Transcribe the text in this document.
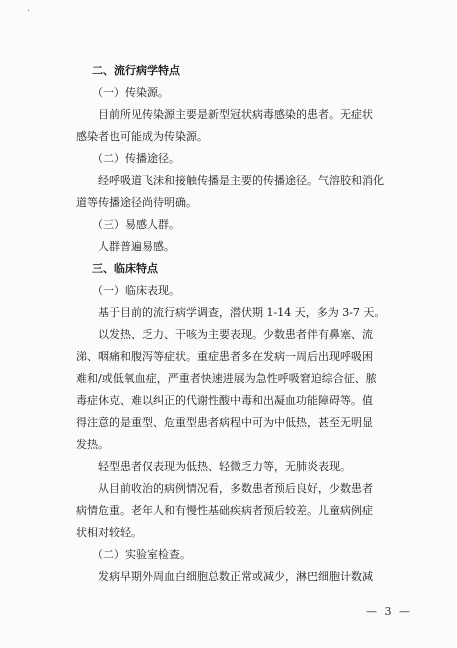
·
二、流行病学特点
（一）传染源。
目前所见传染源主要是新型冠状病毒感染的患者。无症状
感染者也可能成为传染源。
（二）传播途径。
经呼吸道飞沫和接触传播是主要的传播途径。气溶胶和消化
道等传播途径尚待明确。
（三）易感人群。
人群普遍易感。
三、临床特点
（一）临床表现。
基于目前的流行病学调查，潜伏期 1-14 天，多为 3-7 天。
以发热、乏力、干咳为主要表现。少数患者伴有鼻塞、流
涕、咽痛和腹泻等症状。重症患者多在发病一周后出现呼吸困
难和/或低氧血症，严重者快速进展为急性呼吸窘迫综合征、脓
毒症休克、难以纠正的代谢性酸中毒和出凝血功能障碍等。值
得注意的是重型、危重型患者病程中可为中低热，甚至无明显
发热。
轻型患者仅表现为低热、轻微乏力等，无肺炎表现。
从目前收治的病例情况看，多数患者预后良好，少数患者
病情危重。老年人和有慢性基础疾病者预后较差。儿童病例症
状相对较轻。
（二）实验室检查。
发病早期外周血白细胞总数正常或减少，淋巴细胞计数减
— 3 —
